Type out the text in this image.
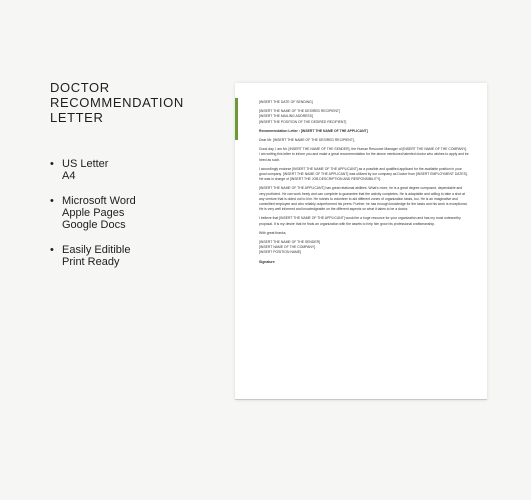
DOCTOR
RECOMMENDATION LETTER
• US Letter
A4
• Microsoft Word
Apple Pages
Google Docs
• Easily Editible
Print Ready
[INSERT THE DATE OF SENDING]
[INSERT THE NAME OF THE DESIRED RECIPIENT]
[INSERT THE MAILING ADDRESS]
[INSERT THE POSITION OF THE DESIRED RECIPIENT]
Recommendation Letter : [INSERT THE NAME OF THE APPLICANT]
Dear Mr. [INSERT THE NAME OF THE DESIRED RECIPIENT],
Good day, I am Mr. [INSERT THE NAME OF THE SENDER], the Human Resource Manager of [INSERT THE NAME OF THE COMPANY]. I am writing this letter to inform you and make a great recommendation for the above mentioned talented doctor who wishes to apply and be hired as such.
I accordingly endorse [INSERT THE NAME OF THE APPLICANT] as a possible and qualified applicant for the available position in your good company. [INSERT THE NAME OF THE APPLICANT] was utilized by our company as Doctor from [INSERT EMPLOYMENT DATES]. He was in charge of [INSERT THE JOB DESCRIPTION AND RESPONSIBILITY].
[INSERT THE NAME OF THE APPLICANT] has great relational abilities. What's more, he is a great degree composed, dependable and very proficient. He can work freely and can complete to guarantee that the activity completes. He is adaptable and willing to take a shot at any venture that is doled out to him. He rushes to volunteer to aid different zones of organization tasks, too. He is an imaginative and committed employee and who reliably outperformed his peers. Further, he has enough knowledge for the tasks and his work is exceptional. He is very well informed and knowledgeable on the different aspects on what it takes to be a doctor.
I believe that [INSERT THE NAME OF THE APPLICANT] would be a huge resource for your organization and has my most noteworthy proposal. It is my desire that he finds an organization with the assets to help him grow his professional craftsmanship.
With great thanks,
[INSERT THE NAME OF THE SENDER]
[INSERT NAME OF THE COMPANY]
[INSERT POSITION NAME]
Signature
